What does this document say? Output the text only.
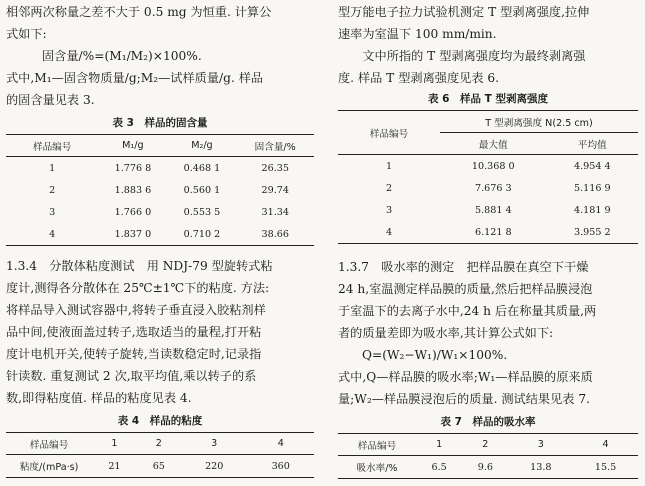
相邻两次称量之差不大于 0.5 mg 为恒重. 计算公

式如下:

固含量/%=(M₁/M₂)×100%.

式中,M₁—固含物质量/g;M₂—试样质量/g. 样品

的固含量见表 3.

表 3　样品的固含量
样品编号	M₁/g	M₂/g	固含量/%
1	1.776 8	0.468 1	26.35
2	1.883 6	0.560 1	29.74
3	1.766 0	0.553 5	31.34
4	1.837 0	0.710 2	38.66

1.3.4　分散体粘度测试　用 NDJ-79 型旋转式粘

度计,测得各分散体在 25℃±1℃下的粘度. 方法:

将样品导入测试容器中,将转子垂直浸入胶粘剂样

品中间,使液面盖过转子,选取适当的量程,打开粘

度计电机开关,使转子旋转,当读数稳定时,记录指

针读数. 重复测试 2 次,取平均值,乘以转子的系

数,即得粘度值. 样品的粘度见表 4.

表 4　样品的粘度
样品编号	1	2	3	4
粘度/(mPa·s)	21	65	220	360

型万能电子拉力试验机测定 T 型剥离强度,拉伸

速率为室温下 100 mm/min.

　　文中所指的 T 型剥离强度均为最终剥离强

度. 样品 T 型剥离强度见表 6.

表 6　样品 T 型剥离强度
样品编号	T 型剥离强度 N(2.5 cm)	
	最大值	平均值
1	10.368 0	4.954 4
2	7.676 3	5.116 9
3	5.881 4	4.181 9
4	6.121 8	3.955 2

1.3.7　吸水率的测定　把样品膜在真空下干燥

24 h,室温测定样品膜的质量,然后把样品膜浸泡

于室温下的去离子水中,24 h 后在称量其质量,两

者的质量差即为吸水率,其计算公式如下:

Q=(W₂−W₁)/W₁×100%.

式中,Q—样品膜的吸水率;W₁—样品膜的原来质

量;W₂—样品膜浸泡后的质量. 测试结果见表 7.

表 7　样品的吸水率
样品编号	1	2	3	4
吸水率/%	6.5	9.6	13.8	15.5
